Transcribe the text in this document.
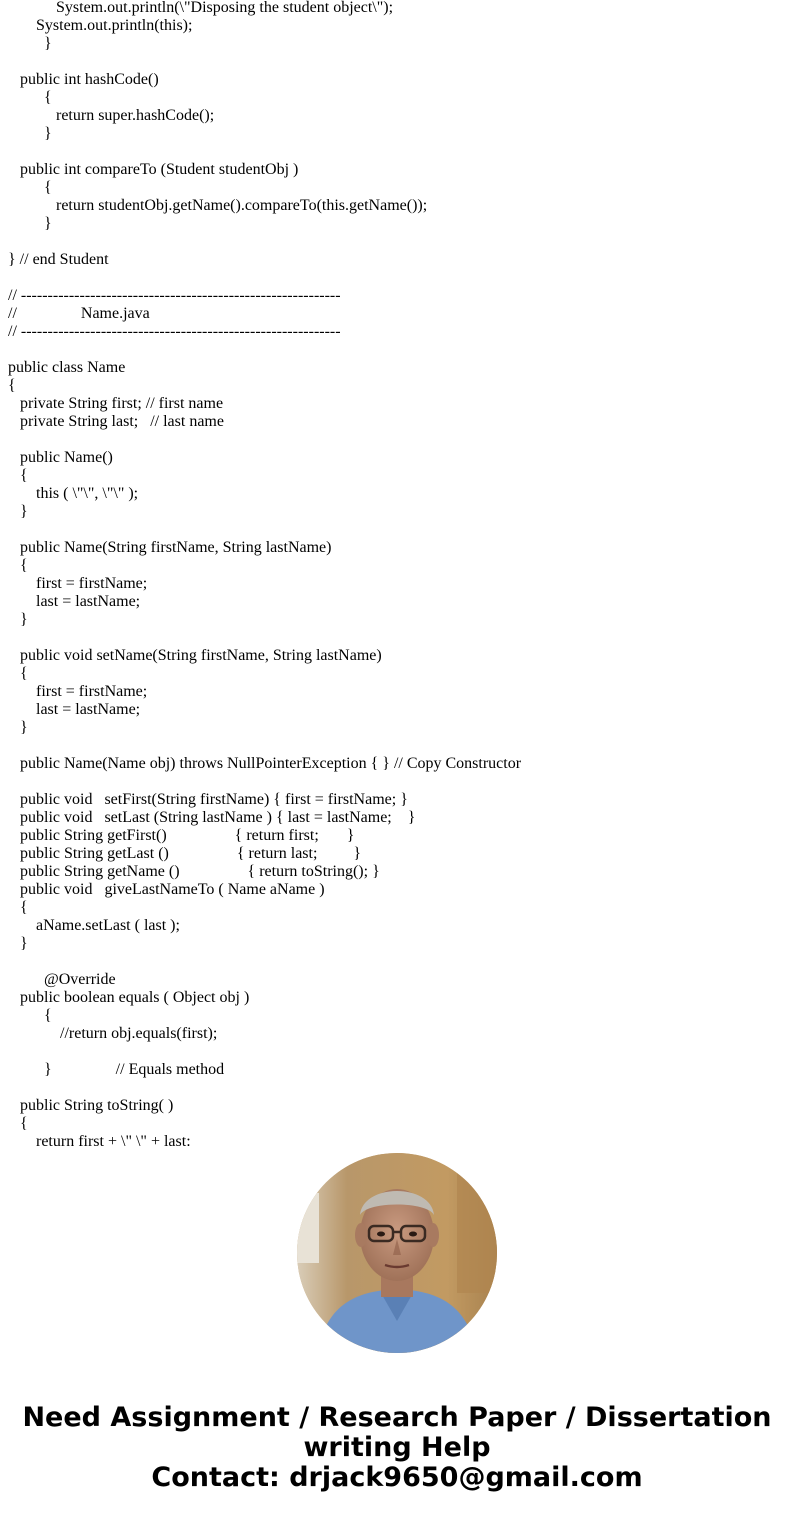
System.out.println(\"Disposing the student object\");
System.out.println(this);
}
public int hashCode()
{
return super.hashCode();
}
public int compareTo (Student studentObj )
{
return studentObj.getName().compareTo(this.getName());
}
} // end Student
// ------------------------------------------------------------
//                Name.java
// ------------------------------------------------------------
public class Name
{
private String first; // first name
private String last;   // last name
public Name()
{
this ( \"\", \"\" );
}
public Name(String firstName, String lastName)
{
first = firstName;
last = lastName;
}
public void setName(String firstName, String lastName)
{
first = firstName;
last = lastName;
}
public Name(Name obj) throws NullPointerException { } // Copy Constructor
public void   setFirst(String firstName) { first = firstName; }
public void   setLast (String lastName ) { last = lastName;    }
public String getFirst()                 { return first;       }
public String getLast ()                 { return last;         }
public String getName ()                 { return toString(); }
public void   giveLastNameTo ( Name aName )
{
aName.setLast ( last );
}
@Override
public boolean equals ( Object obj )
{
//return obj.equals(first);
}                // Equals method
public String toString( )
{
return first + \" \" + last:
Need Assignment / Research Paper / Dissertation
writing Help
Contact: drjack9650@gmail.com
